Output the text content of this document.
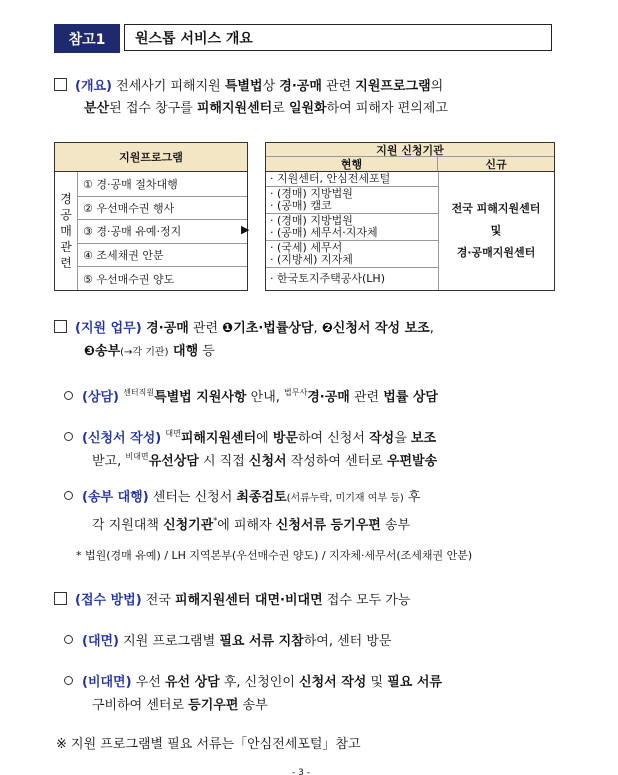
참고1	원스톱 서비스 개요
(개요) 전세사기 피해지원 특별법상 경·공매 관련 지원프로그램의
분산된 접수 창구를 피해지원센터로 일원화하여 피해자 편의제고
지원프로그램
경
공
매
관
련
① 경·공매 절차대행
② 우선매수권 행사
③ 경·공매 유예·정지
④ 조세채권 안분
⑤ 우선매수권 양도
▶
지원 신청기관
현행	신규
· 지원센터, 안심전세포털
· (경매) 지방법원
· (공매) 캠코
· (경매) 지방법원
· (공매) 세무서·지자체
· (국세) 세무서
· (지방세) 지자체
· 한국토지주택공사(LH)
전국 피해지원센터
및
경·공매지원센터
(지원 업무) 경·공매 관련 ❶기초·법률상담, ❷신청서 작성 보조,
❸송부(→각 기관) 대행 등
(상담) $^{센터직원}$특별법 지원사항 안내, $^{법무사}$경·공매 관련 법률 상담
(신청서 작성) $^{대면}$피해지원센터에 방문하여 신청서 작성을 보조
받고, $^{비대면}$유선상담 시 직접 신청서 작성하여 센터로 우편발송
(송부 대행) 센터는 신청서 최종검토(서류누락, 미기재 여부 등) 후
각 지원대책 신청기관*에 피해자 신청서류 등기우편 송부
* 법원(경매 유예) / LH 지역본부(우선매수권 양도) / 지자체·세무서(조세채권 안분)
(접수 방법) 전국 피해지원센터 대면·비대면 접수 모두 가능
(대면) 지원 프로그램별 필요 서류 지참하여, 센터 방문
(비대면) 우선 유선 상담 후, 신청인이 신청서 작성 및 필요 서류
구비하여 센터로 등기우편 송부
※ 지원 프로그램별 필요 서류는「안심전세포털」참고
- 3 -
